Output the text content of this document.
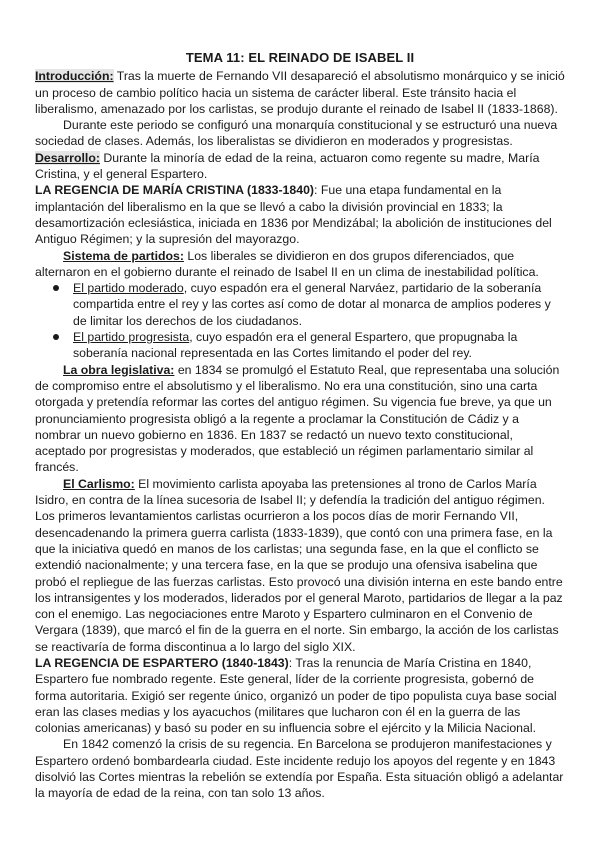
TEMA 11: EL REINADO DE ISABEL II

Introducción: Tras la muerte de Fernando VII desapareció el absolutismo monárquico y se inició un proceso de cambio político hacia un sistema de carácter liberal. Este tránsito hacia el liberalismo, amenazado por los carlistas, se produjo durante el reinado de Isabel II (1833-1868).

Durante este periodo se configuró una monarquía constitucional y se estructuró una nueva sociedad de clases. Además, los liberalistas se dividieron en moderados y progresistas.

Desarrollo: Durante la minoría de edad de la reina, actuaron como regente su madre, María Cristina, y el general Espartero.

LA REGENCIA DE MARÍA CRISTINA (1833-1840): Fue una etapa fundamental en la implantación del liberalismo en la que se llevó a cabo la división provincial en 1833; la desamortización eclesiástica, iniciada en 1836 por Mendizábal; la abolición de instituciones del Antiguo Régimen; y la supresión del mayorazgo.

Sistema de partidos: Los liberales se dividieron en dos grupos diferenciados, que alternaron en el gobierno durante el reinado de Isabel II en un clima de inestabilidad política.

El partido moderado, cuyo espadón era el general Narváez, partidario de la soberanía compartida entre el rey y las cortes así como de dotar al monarca de amplios poderes y de limitar los derechos de los ciudadanos.
El partido progresista, cuyo espadón era el general Espartero, que propugnaba la soberanía nacional representada en las Cortes limitando el poder del rey.

La obra legislativa: en 1834 se promulgó el Estatuto Real, que representaba una solución de compromiso entre el absolutismo y el liberalismo. No era una constitución, sino una carta otorgada y pretendía reformar las cortes del antiguo régimen. Su vigencia fue breve, ya que un pronunciamiento progresista obligó a la regente a proclamar la Constitución de Cádiz y a nombrar un nuevo gobierno en 1836. En 1837 se redactó un nuevo texto constitucional, aceptado por progresistas y moderados, que estableció un régimen parlamentario similar al francés.

El Carlismo: El movimiento carlista apoyaba las pretensiones al trono de Carlos María Isidro, en contra de la línea sucesoria de Isabel II; y defendía la tradición del antiguo régimen. Los primeros levantamientos carlistas ocurrieron a los pocos días de morir Fernando VII, desencadenando la primera guerra carlista (1833-1839), que contó con una primera fase, en la que la iniciativa quedó en manos de los carlistas; una segunda fase, en la que el conflicto se extendió nacionalmente; y una tercera fase, en la que se produjo una ofensiva isabelina que probó el repliegue de las fuerzas carlistas. Esto provocó una división interna en este bando entre los intransigentes y los moderados, liderados por el general Maroto, partidarios de llegar a la paz con el enemigo. Las negociaciones entre Maroto y Espartero culminaron en el Convenio de Vergara (1839), que marcó el fin de la guerra en el norte. Sin embargo, la acción de los carlistas se reactivaría de forma discontinua a lo largo del siglo XIX.

LA REGENCIA DE ESPARTERO (1840-1843): Tras la renuncia de María Cristina en 1840, Espartero fue nombrado regente. Este general, líder de la corriente progresista, gobernó de forma autoritaria. Exigió ser regente único, organizó un poder de tipo populista cuya base social eran las clases medias y los ayacuchos (militares que lucharon con él en la guerra de las colonias americanas) y basó su poder en su influencia sobre el ejército y la Milicia Nacional.

En 1842 comenzó la crisis de su regencia. En Barcelona se produjeron manifestaciones y Espartero ordenó bombardearla ciudad. Este incidente redujo los apoyos del regente y en 1843 disolvió las Cortes mientras la rebelión se extendía por España. Esta situación obligó a adelantar la mayoría de edad de la reina, con tan solo 13 años.
